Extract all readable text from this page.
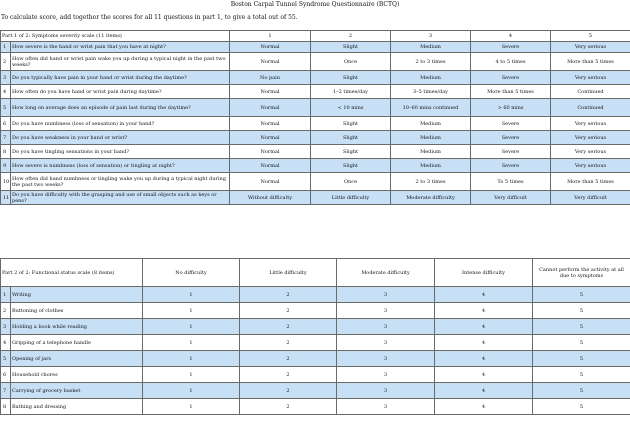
Boston Carpal Tunnel Syndrome Questionnaire (BCTQ)
To calculate score, add together the scores for all 11 questions in part 1, to give a total out of 55.
Part 1 of 2: Symptoms severity scale (11 items)		1	2	3	4	5
1	How severe is the hand or wrist pain that you have at night?	Normal	Slight	Medium	Severe	Very serious
2	How often did hand or wrist pain wake you up during a typical night in the past two weeks?	Normal	Once	2 to 3 times	4 to 5 times	More than 5 times
3	Do you typically have pain in your hand or wrist during the daytime?	No pain	Slight	Medium	Severe	Very serious
4	How often do you have hand or wrist pain during daytime?	Normal	1–2 times/day	3–5 times/day	More than 5 times	Continued
5	How long on average does an episode of pain last during the daytime?	Normal	< 10 mins	10–60 mins continued	> 60 mins	Continued
6	Do you have numbness (loss of sensation) in your hand?	Normal	Slight	Medium	Severe	Very serious
7	Do you have weakness in your hand or wrist?	Normal	Slight	Medium	Severe	Very serious
8	Do you have tingling sensations in your hand?	Normal	Slight	Medium	Severe	Very serious
9	How severe is numbness (loss of sensation) or tingling at night?	Normal	Slight	Medium	Severe	Very serious
10	How often did hand numbness or tingling wake you up during a typical night during the past two weeks?	Normal	Once	2 to 3 times	To 5 times	More than 5 times
11	Do you have difficulty with the grasping and use of small objects such as keys or pens?	Without difficulty	Little difficulty	Moderate difficulty	Very difficult	Very difficult
Part 2 of 2: Functional status scale (8 items)		No difficulty	Little difficulty	Moderate difficulty	Intense difficulty	Cannot perform the activity at all due to symptoms
1	Writing	1	2	3	4	5
2	Buttoning of clothes	1	2	3	4	5
3	Holding a book while reading	1	2	3	4	5
4	Gripping of a telephone handle	1	2	3	4	5
5	Opening of jars	1	2	3	4	5
6	Household chores	1	2	3	4	5
7	Carrying of grocery basket	1	2	3	4	5
8	Bathing and dressing	1	2	3	4	5
